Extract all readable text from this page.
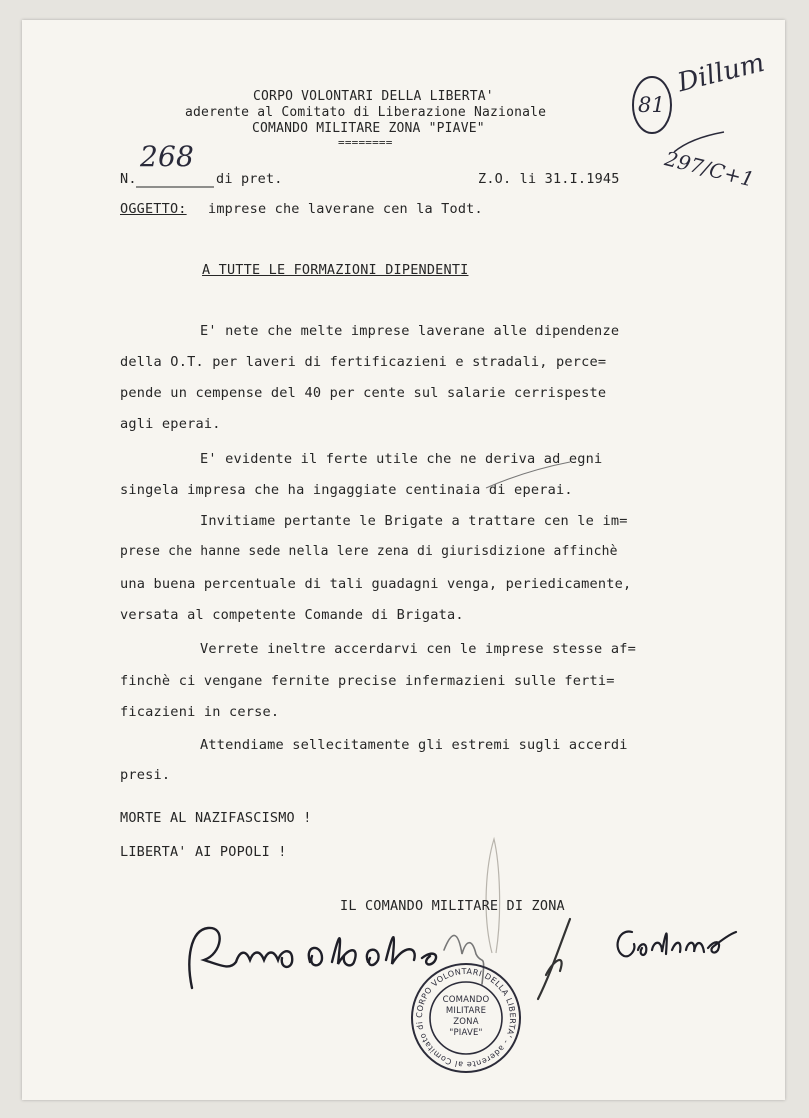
CORPO VOLONTARI DELLA LIBERTA'
aderente al Comitato di Liberazione Nazionale
COMANDO MILITARE ZONA "PIAVE"
========
81
Dillum
297/C+1
N.
268
di pret.	Z.O. li 31.I.1945
OGGETTO: imprese che laverane cen la Todt.
A TUTTE LE FORMAZIONI DIPENDENTI
E' nete che melte imprese laverane alle dipendenze
della O.T. per laveri di fertificazieni e stradali, perce=
pende un cempense del 40 per cente sul salarie cerrispeste
agli eperai.
E' evidente il ferte utile che ne deriva ad egni
singela impresa che ha ingaggiate centinaia di eperai.
Invitiame pertante le Brigate a trattare cen le im=
prese che hanne sede nella lere zena di giurisdizione affinchè
una buena percentuale di tali guadagni venga, periedicamente,
versata al competente Comande di Brigata.
Verrete ineltre accerdarvi cen le imprese stesse af=
finchè ci vengane fernite precise infermazieni sulle ferti=
ficazieni in cerse.
Attendiame sellecitamente gli estremi sugli accerdi
presi.
MORTE AL NAZIFASCISMO !
LIBERTA' AI POPOLI !
IL COMANDO MILITARE DI ZONA
CORPO VOLONTARI DELLA LIBERTA' - aderente al Comitato di Liberaz. Nazle
COMANDO
MILITARE
ZONA
"PIAVE"
